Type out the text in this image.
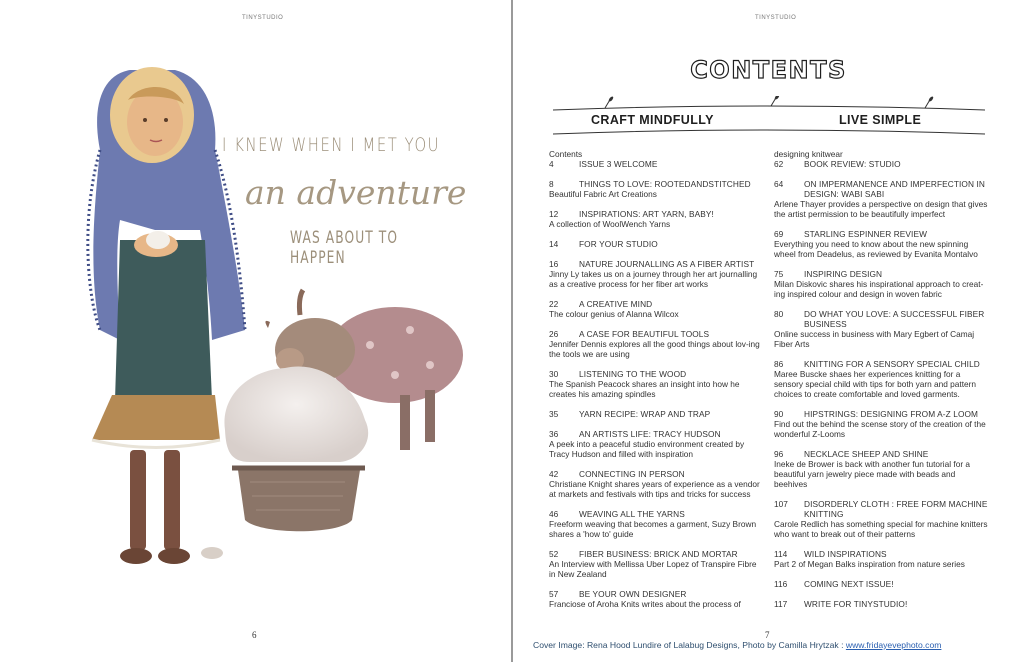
TINYSTUDIO
I KNEW WHEN I MET YOU
an adventure
WAS ABOUT TO HAPPEN
6
TINYSTUDIO
CONTENTS
CRAFT MINDFULLY	LIVE SIMPLE
Contents
4	ISSUE 3 WELCOME
8	THINGS TO LOVE: ROOTEDANDSTITCHED
Beautiful Fabric Art Creations
12	INSPIRATIONS: ART YARN, BABY!
A collection of WoolWench Yarns
14	FOR YOUR STUDIO
16	NATURE JOURNALLING AS A FIBER ARTIST
Jinny Ly takes us on a journey through her art journalling as a creative process for her fiber art works
22	A CREATIVE MIND
The colour genius of Alanna Wilcox
26	A CASE FOR BEAUTIFUL TOOLS
Jennifer Dennis explores all the good things about lov-ing the tools we are using
30	LISTENING TO THE WOOD
The Spanish Peacock shares an insight into how he creates his amazing spindles
35	YARN RECIPE: WRAP AND TRAP
36	AN ARTISTS LIFE: TRACY HUDSON
A peek into a peaceful studio environment created by Tracy Hudson and filled with inspiration
42	CONNECTING IN PERSON
Christiane Knight shares years of experience as a vendor at markets and festivals with tips and tricks for success
46	WEAVING ALL THE YARNS
Freeform weaving that becomes a garment, Suzy Brown shares a 'how to' guide
52	FIBER BUSINESS: BRICK AND MORTAR
An Interview with Mellissa Uber Lopez of Transpire Fibre in New Zealand
57	BE YOUR OWN DESIGNER
Franciose of Aroha Knits writes about the process of
designing knitwear
62	BOOK REVIEW: STUDIO
64	ON IMPERMANENCE AND IMPERFECTION IN DESIGN: WABI SABI
Arlene Thayer provides a perspective on design that gives the artist permission to be beautifully imperfect
69	STARLING ESPINNER REVIEW
Everything you need to know about the new spinning wheel from Deadelus, as reviewed by Evanita Montalvo
75	INSPIRING DESIGN
Milan Diskovic shares his inspirational approach to creat-ing inspired colour and design in woven fabric
80	DO WHAT YOU LOVE: A SUCCESSFUL FIBER BUSINESS
Online success in business with Mary Egbert of Camaj Fiber Arts
86	KNITTING FOR A SENSORY SPECIAL CHILD
Maree Buscke shaes her experiences knitting for a sensory special child with tips for both yarn and pattern choices to create comfortable and loved garments.
90	HIPSTRINGS: DESIGNING FROM A-Z LOOM
Find out the behind the scense story of the creation of the wonderful Z-Looms
96	NECKLACE SHEEP AND SHINE
Ineke de Brower is back with another fun tutorial for a beautiful yarn jewelry piece made with beads and beehives
107	DISORDERLY CLOTH : FREE FORM MACHINE KNITTING
Carole Redlich has something special for machine knitters who want to break out of their patterns
114	WILD INSPIRATIONS
Part 2 of Megan Balks inspiration from nature series
116	COMING NEXT ISSUE!
117	WRITE FOR TINYSTUDIO!
7
Cover Image: Rena Hood Lundire of Lalabug Designs, Photo by Camilla Hrytzak : www.fridayevephoto.com
